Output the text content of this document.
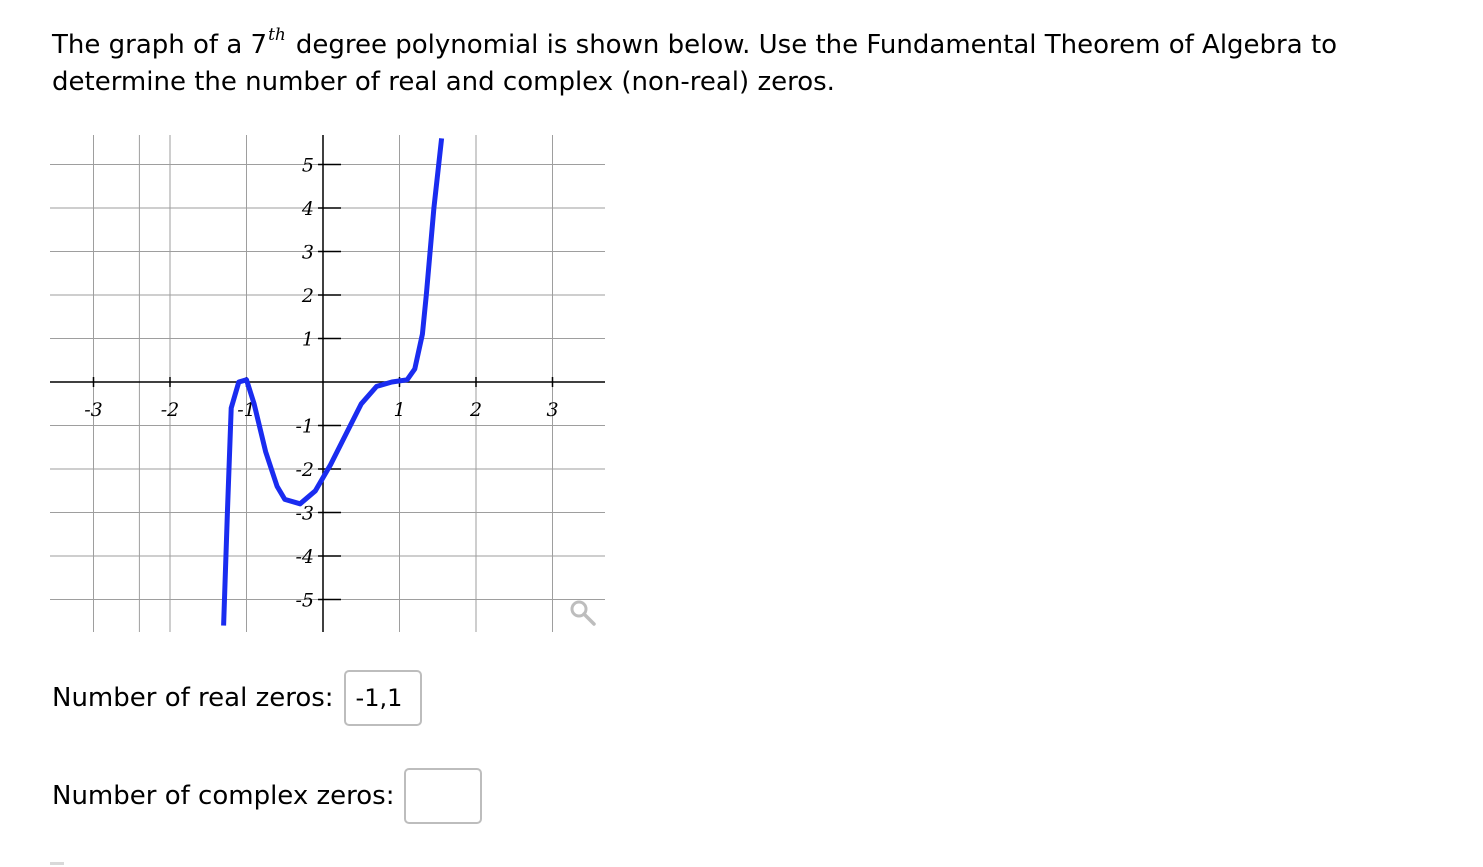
The graph of a 7th degree polynomial is shown below. Use the Fundamental Theorem of Algebra to determine the number of real and complex (non-real) zeros.
-3	-2	-1	1	2	3
5
4
3
2
1
-1
-2
-3
-4
-5
Number of real zeros:
-1,1
Number of complex zeros:
